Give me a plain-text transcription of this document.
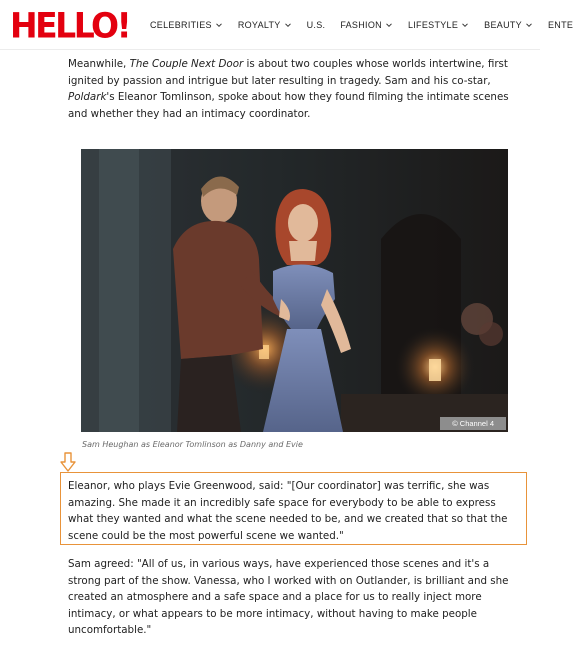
HELLO! CELEBRITIES	ROYALTY	U.S. FASHION	LIFESTYLE	BEAUTY	ENTE

Meanwhile, The Couple Next Door is about two couples whose worlds intertwine, first ignited by passion and intrigue but later resulting in tragedy. Sam and his co-star, Poldark's Eleanor Tomlinson, spoke about how they found filming the intimate scenes and whether they had an intimacy coordinator.

© Channel 4
Sam Heughan as Eleanor Tomlinson as Danny and Evie

Eleanor, who plays Evie Greenwood, said: "[Our coordinator] was terrific, she was amazing. She made it an incredibly safe space for everybody to be able to express what they wanted and what the scene needed to be, and we created that so that the scene could be the most powerful scene we wanted."

Sam agreed: "All of us, in various ways, have experienced those scenes and it's a strong part of the show. Vanessa, who I worked with on Outlander, is brilliant and she created an atmosphere and a safe space and a place for us to really inject more intimacy, or what appears to be more intimacy, without having to make people uncomfortable."
